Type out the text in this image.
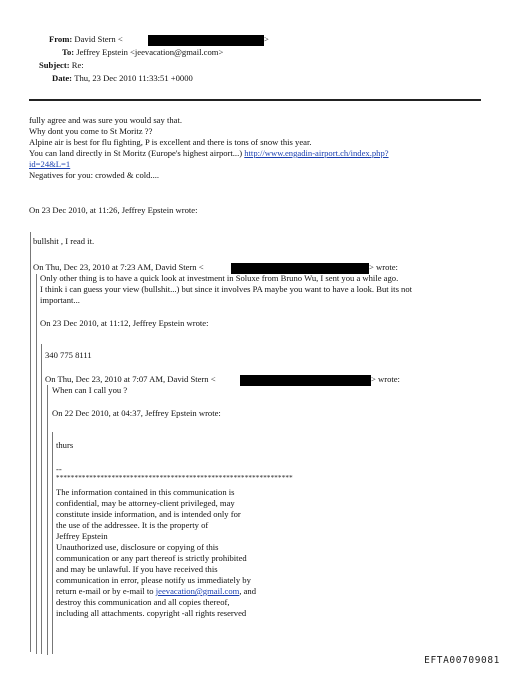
From: David Stern <	>
To: Jeffrey Epstein <jeevacation@gmail.com>
Subject: Re:
Date: Thu, 23 Dec 2010 11:33:51 +0000
fully agree and was sure you would say that.
Why dont you come to St Moritz ??
Alpine air is best for flu fighting, P is excellent and there is tons of snow this year.
You can land directly in St Moritz (Europe's highest airport...) http://www.engadin-airport.ch/index.php?
id=24&L=1
Negatives for you: crowded & cold....
On 23 Dec 2010, at 11:26, Jeffrey Epstein wrote:
bullshit , I read it.
On Thu, Dec 23, 2010 at 7:23 AM, David Stern <	> wrote:
Only other thing is to have a quick look at investment in Soluxe from Bruno Wu, I sent you a while ago.
I think i can guess your view (bullshit...) but since it involves PA maybe you want to have a look. But its not
important...
On 23 Dec 2010, at 11:12, Jeffrey Epstein wrote:
340 775 8111
On Thu, Dec 23, 2010 at 7:07 AM, David Stern <	> wrote:
When can I call you ?
On 22 Dec 2010, at 04:37, Jeffrey Epstein wrote:
thurs
--
****************************************************************
The information contained in this communication is
confidential, may be attorney-client privileged, may
constitute inside information, and is intended only for
the use of the addressee. It is the property of
Jeffrey Epstein
Unauthorized use, disclosure or copying of this
communication or any part thereof is strictly prohibited
and may be unlawful. If you have received this
communication in error, please notify us immediately by
return e-mail or by e-mail to jeevacation@gmail.com, and
destroy this communication and all copies thereof,
including all attachments. copyright -all rights reserved
EFTA00709081
